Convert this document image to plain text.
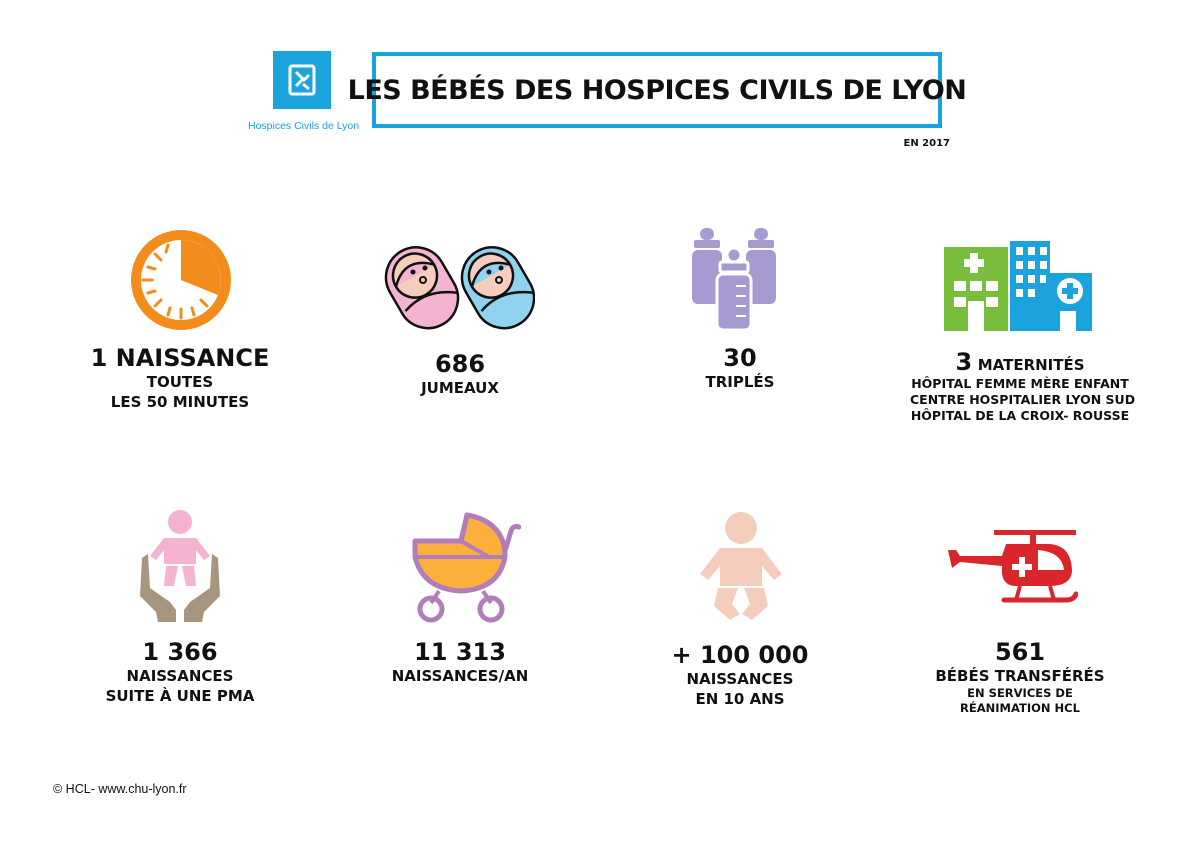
Hospices Civils de Lyon
LES BÉBÉS DES HOSPICES CIVILS DE LYON
EN 2017
1 NAISSANCE
TOUTES
LES 50 MINUTES
686
JUMEAUX
30
TRIPLÉS
3 MATERNITÉS
HÔPITAL FEMME MÈRE ENFANT
CENTRE HOSPITALIER LYON SUD
HÔPITAL DE LA CROIX- ROUSSE
1 366
NAISSANCES
SUITE À UNE PMA
11 313
NAISSANCES/AN
+ 100 000
NAISSANCES
EN 10 ANS
561
BÉBÉS TRANSFÉRÉS
EN SERVICES DE
RÉANIMATION HCL
© HCL- www.chu-lyon.fr
